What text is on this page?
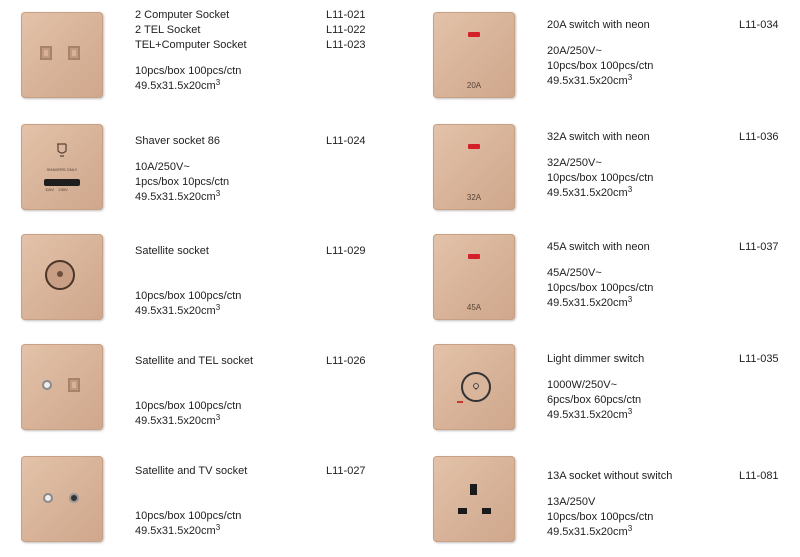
2 Computer Socket
2 TEL Socket
TEL+Computer Socket
10pcs/box 100pcs/ctn
$49.5x31.5x20cm^3$
L11-021
L11-022
L11-023
SHAVERS ONLY
115V 230V
Shaver socket 86
10A/250V~
1pcs/box 10pcs/ctn
$49.5x31.5x20cm^3$
L11-024
Satellite socket
10pcs/box 100pcs/ctn
$49.5x31.5x20cm^3$
L11-029
Satellite and TEL socket
10pcs/box 100pcs/ctn
$49.5x31.5x20cm^3$
L11-026
Satellite and TV socket
10pcs/box 100pcs/ctn
$49.5x31.5x20cm^3$
L11-027
20A
20A switch with neon
20A/250V~
10pcs/box 100pcs/ctn
$49.5x31.5x20cm^3$
L11-034
32A
32A switch with neon
32A/250V~
10pcs/box 100pcs/ctn
$49.5x31.5x20cm^3$
L11-036
45A
45A switch with neon
45A/250V~
10pcs/box 100pcs/ctn
$49.5x31.5x20cm^3$
L11-037
Light dimmer switch
1000W/250V~
6pcs/box 60pcs/ctn
$49.5x31.5x20cm^3$
L11-035
13A socket without switch
13A/250V
10pcs/box 100pcs/ctn
$49.5x31.5x20cm^3$
L11-081
